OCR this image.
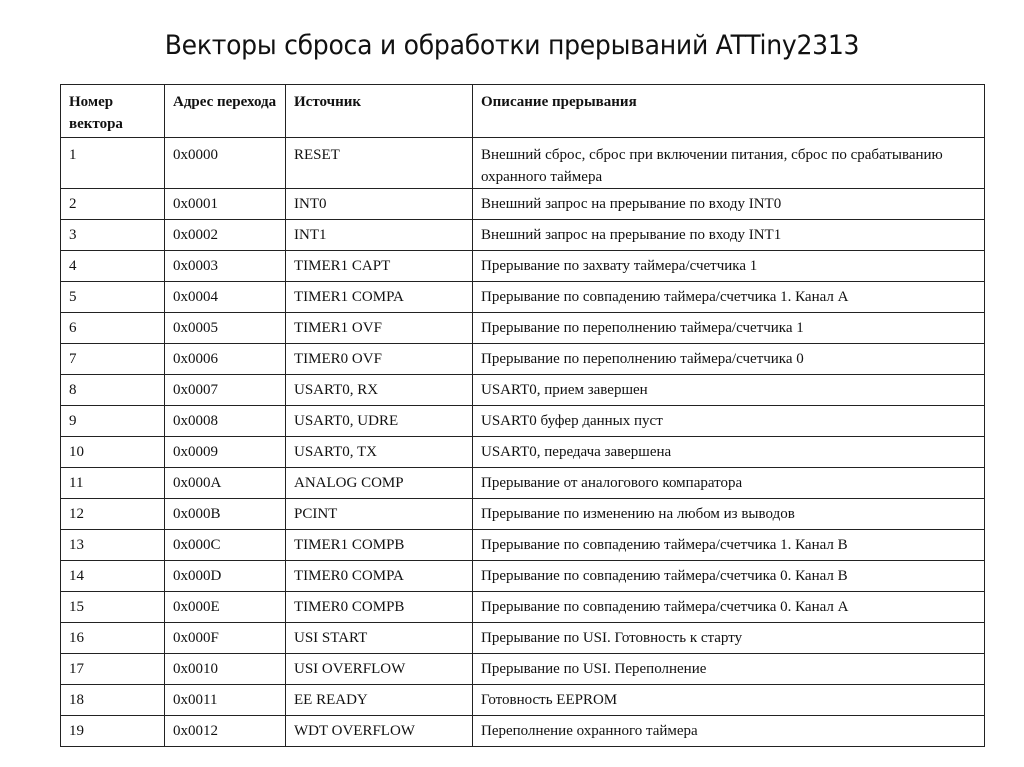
Векторы сброса и обработки прерываний ATTiny2313
Номер вектора	Адрес перехода	Источник	Описание прерывания
1	0x0000	RESET	Внешний сброс, сброс при включении питания, сброс по срабатыванию охранного таймера
2	0x0001	INT0	Внешний запрос на прерывание по входу INT0
3	0x0002	INT1	Внешний запрос на прерывание по входу INT1
4	0x0003	TIMER1 CAPT	Прерывание по захвату таймера/счетчика 1
5	0x0004	TIMER1 COMPA	Прерывание по совпадению таймера/счетчика 1. Канал А
6	0x0005	TIMER1 OVF	Прерывание по переполнению таймера/счетчика 1
7	0x0006	TIMER0 OVF	Прерывание по переполнению таймера/счетчика 0
8	0x0007	USART0, RX	USART0, прием завершен
9	0x0008	USART0, UDRE	USART0 буфер данных пуст
10	0x0009	USART0, TX	USART0, передача завершена
11	0x000A	ANALOG COMP	Прерывание от аналогового компаратора
12	0x000B	PCINT	Прерывание по изменению на любом из выводов
13	0x000C	TIMER1 COMPB	Прерывание по совпадению таймера/счетчика 1. Канал В
14	0x000D	TIMER0 COMPA	Прерывание по совпадению таймера/счетчика 0. Канал В
15	0x000E	TIMER0 COMPB	Прерывание по совпадению таймера/счетчика 0. Канал А
16	0x000F	USI START	Прерывание по USI. Готовность к старту
17	0x0010	USI OVERFLOW	Прерывание по USI. Переполнение
18	0x0011	EE READY	Готовность EEPROM
19	0x0012	WDT OVERFLOW	Переполнение охранного таймера
